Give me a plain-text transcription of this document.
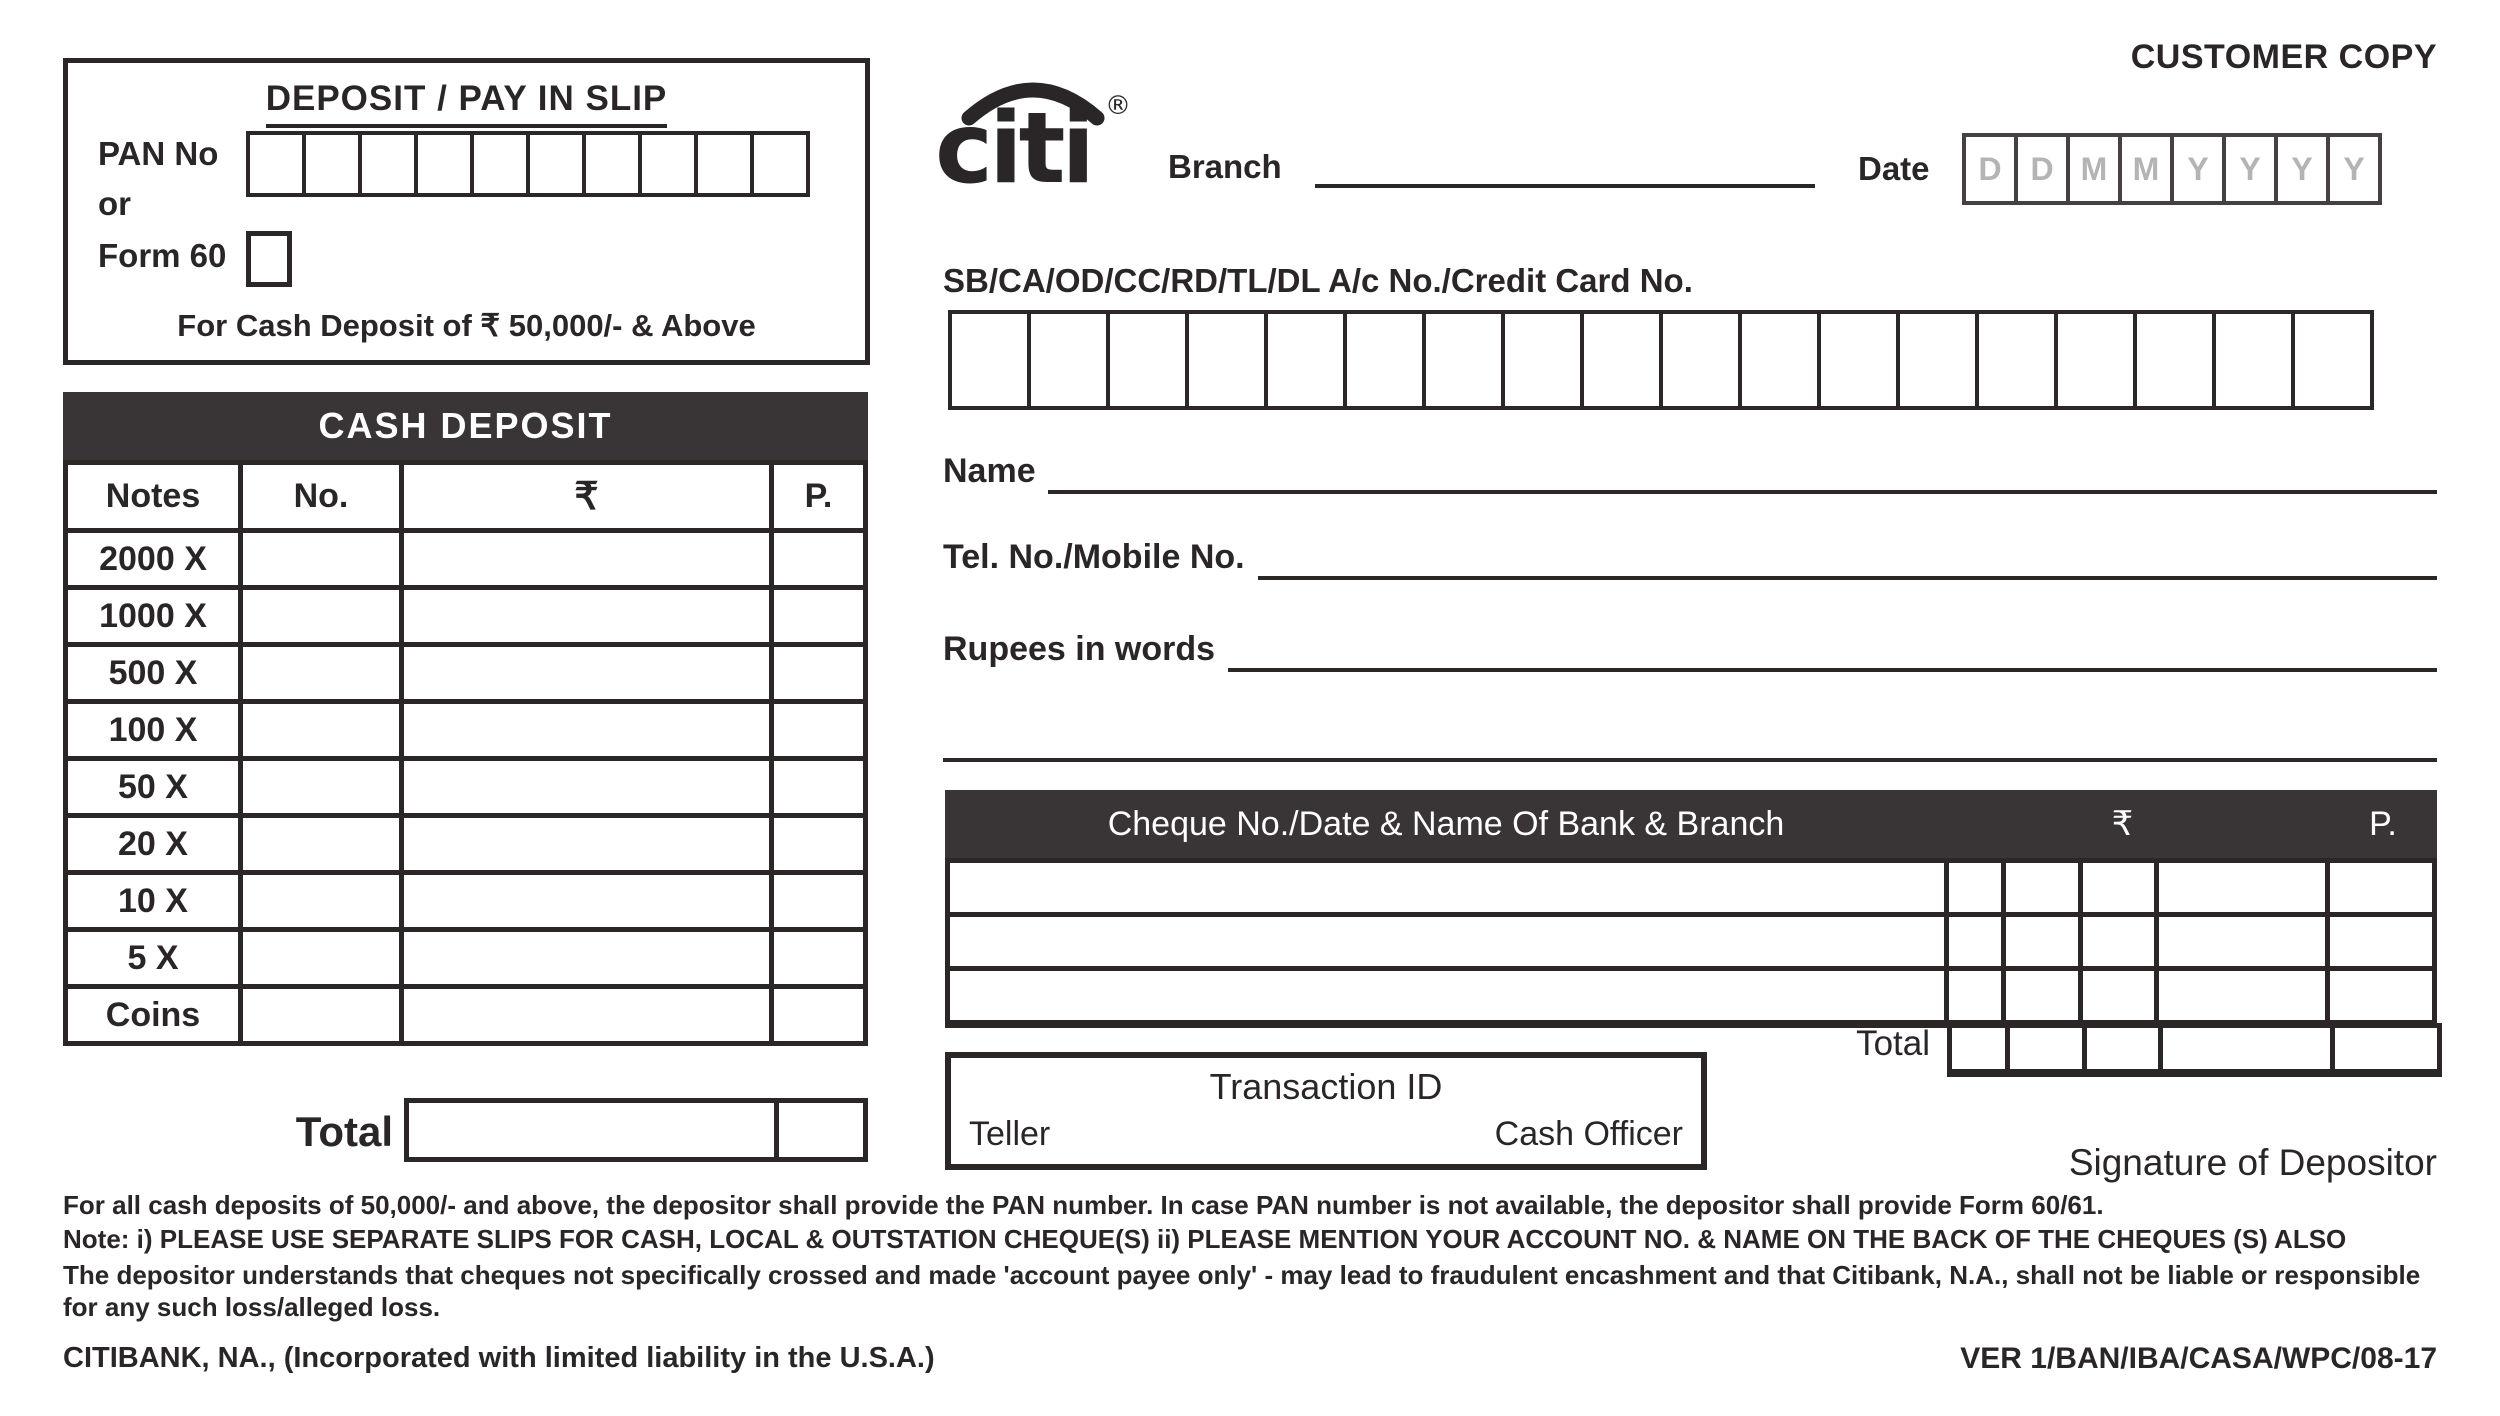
DEPOSIT / PAY IN SLIP
PAN No
or
Form 60
For Cash Deposit of ₹ 50,000/- & Above
CASH DEPOSIT
Notes	No.	₹	P.
2000 X
1000 X
500 X
100 X
50 X
20 X
10 X
5 X
Coins
Total
citi ®
Branch
CUSTOMER COPY
Date	D D M M Y Y Y Y
SB/CA/OD/CC/RD/TL/DL A/c No./Credit Card No.
Name
Tel. No./Mobile No.
Rupees in words
Cheque No./Date & Name Of Bank & Branch	₹	P.
Total
Transaction ID
Teller	Cash Officer
Signature of Depositor
For all cash deposits of 50,000/- and above, the depositor shall provide the PAN number. In case PAN number is not available, the depositor shall provide Form 60/61.
Note: i) PLEASE USE SEPARATE SLIPS FOR CASH, LOCAL & OUTSTATION CHEQUE(S) ii) PLEASE MENTION YOUR ACCOUNT NO. & NAME ON THE BACK OF THE CHEQUES (S) ALSO
The depositor understands that cheques not specifically crossed and made 'account payee only' - may lead to fraudulent encashment and that Citibank, N.A., shall not be liable or responsible
for any such loss/alleged loss.
CITIBANK, NA., (Incorporated with limited liability in the U.S.A.)	VER 1/BAN/IBA/CASA/WPC/08-17
